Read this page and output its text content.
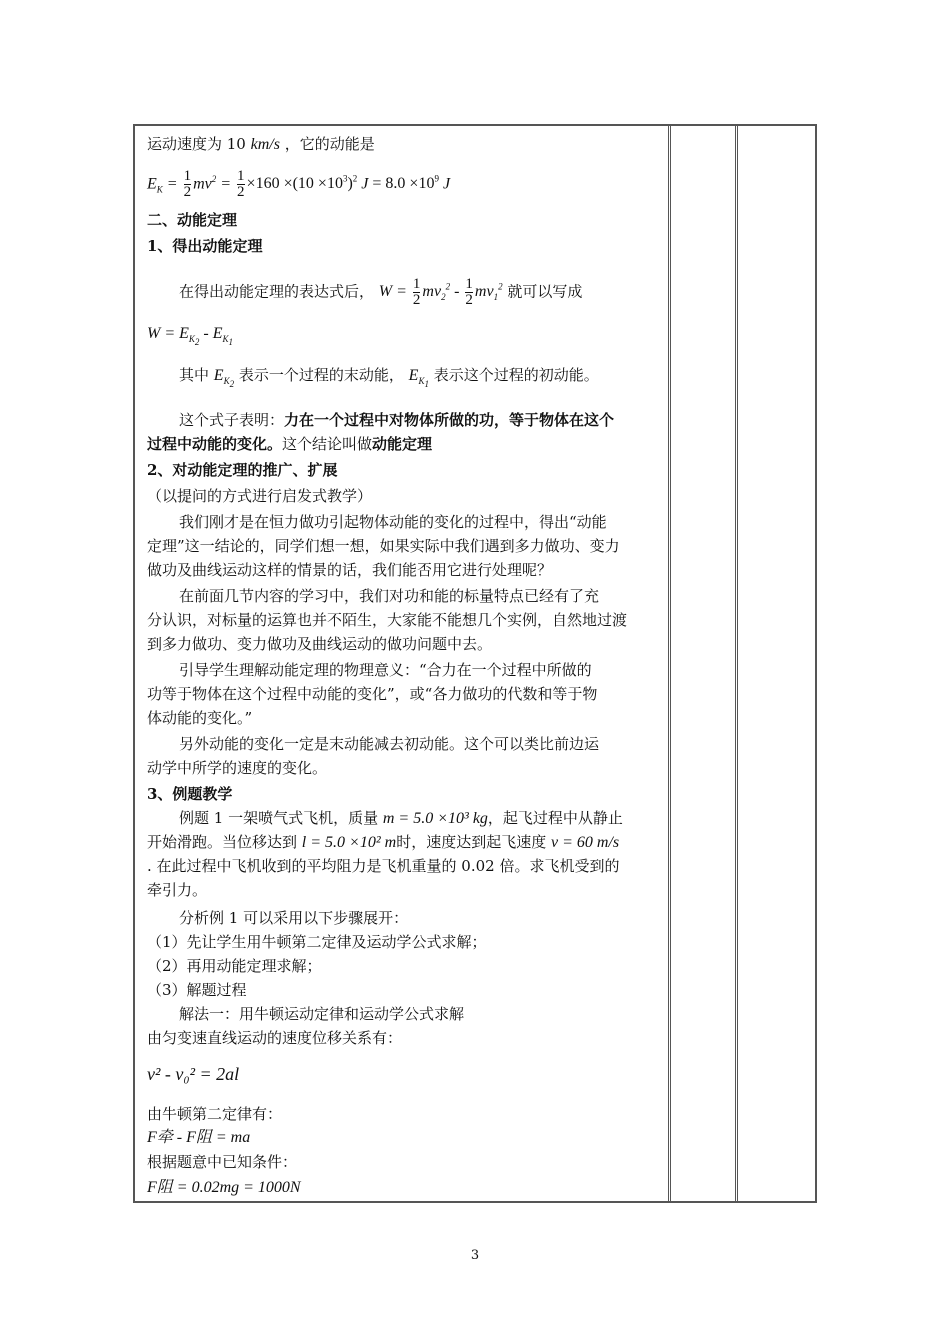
运动速度为 10 km/s ，它的动能是
$E_K = \frac{1}{2} mv^2 = \frac{1}{2} \times 160 \times(10 \times 10^3)^2$ $J = 8.0 \times 10^9$ J
二、动能定理
1、得出动能定理
在得出动能定理的表达式后， $W = \frac{1}{2} mv_2^2 - \frac{1}{2} mv_1^2$ 就可以写成
$W = E_{K_2} - E_{K_1}$
其中 $E_{K_2}$ 表示一个过程的末动能， $E_{K_1}$ 表示这个过程的初动能。
这个式子表明：力在一个过程中对物体所做的功，等于物体在这个
过程中动能的变化。这个结论叫做动能定理
2、对动能定理的推广、扩展
（以提问的方式进行启发式教学）
我们刚才是在恒力做功引起物体动能的变化的过程中，得出“动能
定理”这一结论的，同学们想一想，如果实际中我们遇到多力做功、变力
做功及曲线运动这样的情景的话，我们能否用它进行处理呢？
在前面几节内容的学习中，我们对功和能的标量特点已经有了充
分认识，对标量的运算也并不陌生，大家能不能想几个实例，自然地过渡
到多力做功、变力做功及曲线运动的做功问题中去。
引导学生理解动能定理的物理意义：“合力在一个过程中所做的
功等于物体在这个过程中动能的变化”，或“各力做功的代数和等于物
体动能的变化。”
另外动能的变化一定是末动能减去初动能。这个可以类比前边运
动学中所学的速度的变化。
3、例题教学
例题 1 一架喷气式飞机，质量 m = 5.0 ×10³ kg，起飞过程中从静止
开始滑跑。当位移达到 l = 5.0 ×10² m时，速度达到起飞速度 v = 60 m/s
. 在此过程中飞机收到的平均阻力是飞机重量的 0.02 倍。求飞机受到的
牵引力。
分析例 1 可以采用以下步骤展开：
（1）先让学生用牛顿第二定律及运动学公式求解；
（2）再用动能定理求解；
（3）解题过程
解法一：用牛顿运动定律和运动学公式求解
由匀变速直线运动的速度位移关系有：
v² - v₀² = 2al
由牛顿第二定律有：
F牵 - F阻 = ma
根据题意中已知条件：
F阻 = 0.02mg = 1000N
3
